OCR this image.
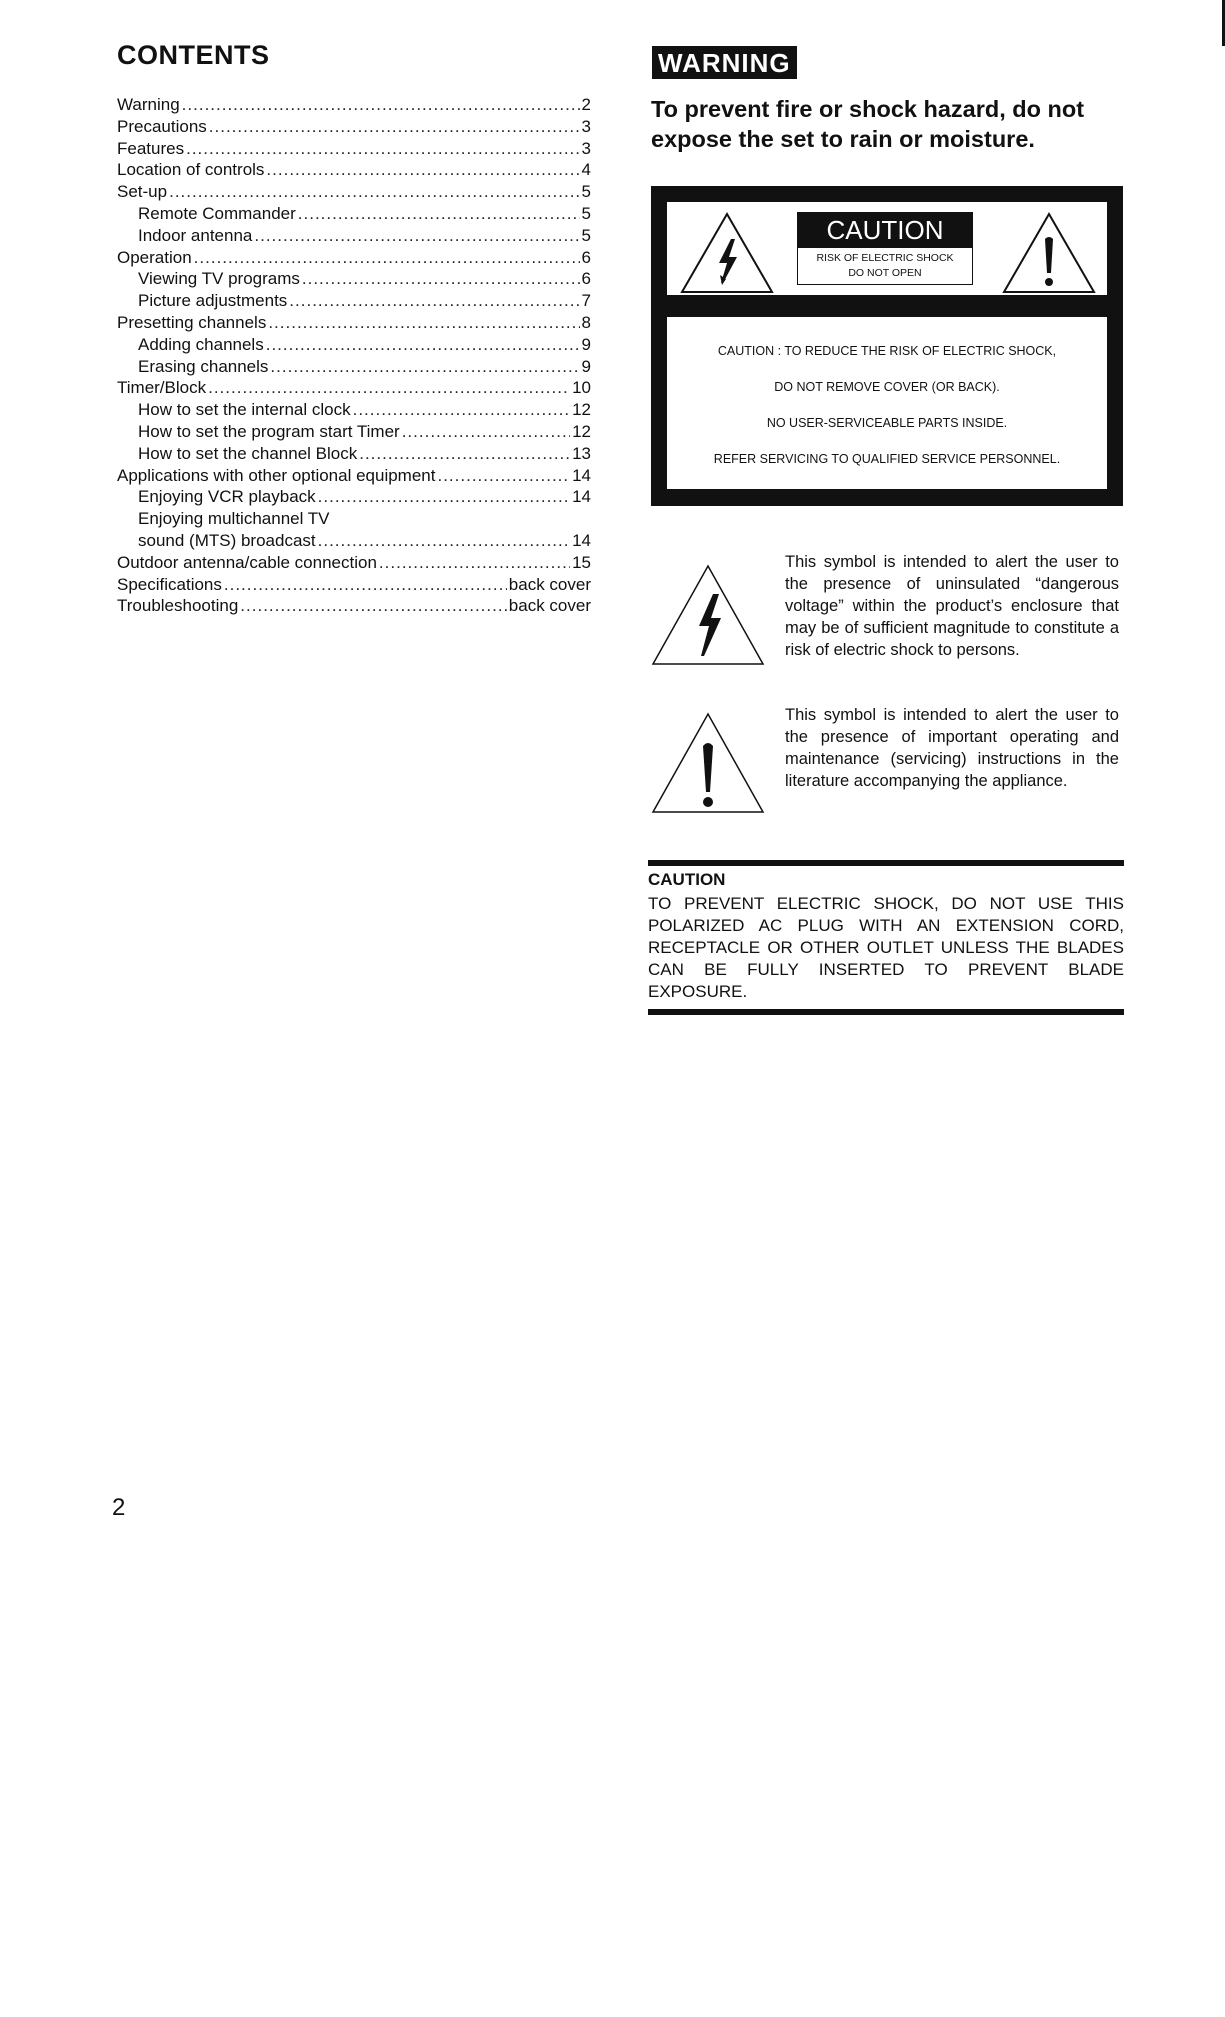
CONTENTS
Warning .....	2
Precautions .....	3
Features .....	3
Location of controls .....	4
Set-up .....	5
Remote Commander .....	5
Indoor antenna .....	5
Operation .....	6
Viewing TV programs .....	6
Picture adjustments .....	7
Presetting channels .....	8
Adding channels .....	9
Erasing channels .....	9
Timer/Block .....	10
How to set the internal clock .....	12
How to set the program start Timer .....	12
How to set the channel Block .....	13
Applications with other optional equipment .....	14
Enjoying VCR playback .....	14
Enjoying multichannel TV
sound (MTS) broadcast .....	14
Outdoor antenna/cable connection .....	15
Specifications .....	back cover
Troubleshooting .....	back cover
2
WARNING
To prevent fire or shock hazard, do not expose the set to rain or moisture.
CAUTION
RISK OF ELECTRIC SHOCK
DO NOT OPEN

CAUTION : TO REDUCE THE RISK OF ELECTRIC SHOCK,

DO NOT REMOVE COVER (OR BACK).

NO USER-SERVICEABLE PARTS INSIDE.

REFER SERVICING TO QUALIFIED SERVICE PERSONNEL.

This symbol is intended to alert the user to the presence of uninsulated “dangerous voltage” within the product’s enclosure that may be of sufficient magnitude to constitute a risk of electric shock to persons.
This symbol is intended to alert the user to the presence of important operating and maintenance (servicing) instructions in the literature accompanying the appliance.
CAUTION
TO PREVENT ELECTRIC SHOCK, DO NOT USE THIS POLARIZED AC PLUG WITH AN EXTENSION CORD, RECEPTACLE OR OTHER OUTLET UNLESS THE BLADES CAN BE FULLY INSERTED TO PREVENT BLADE EXPOSURE.
